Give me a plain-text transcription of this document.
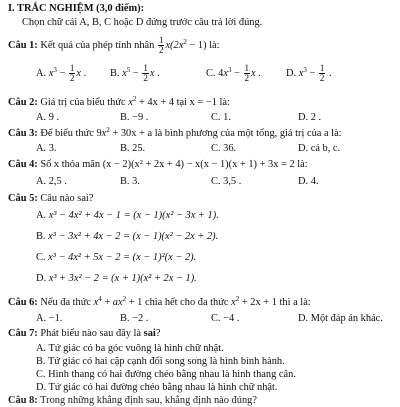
I. TRẮC NGHIỆM (3,0 điểm):
Chọn chữ cái A, B, C hoặc D đứng trước câu trả lời đúng.
Câu 1: Kết quả của phép tính nhân $\frac{1}{2} x(2x^2 - 1)$ là:
A. $x^3 - \frac{1}{2}$ x . B. $x^5 - \frac{1}{2}$ x .	C. $4x^3 - \frac{1}{2}$ x . D. $x^3 - \frac{1}{2}$ .
Câu 2: Giá trị của biểu thức $x^2 + 4x + 4$ tại x = −1 là:
A. 9 .	B. −9 .	C. 1.	D. 2 .
Câu 3: Để biểu thức $9x^2 + 30x + a$ là bình phương của một tổng, giá trị của a là:
A. 3.	B. 25.	C. 36.	D. cả b, c.
Câu 4: Số x thỏa mãn (x − 2)(x² + 2x + 4) − x(x − 1)(x + 1) + 3x = 2 là:
A. 2,5 .	B. 3.	C. 3,5 .	D. 4.
Câu 5: Câu nào sai?
A. x³ − 4x² + 4x − 1 = (x − 1)(x² − 3x + 1).
B. x³ − 3x² + 4x − 2 = (x − 1)(x² − 2x + 2).
C. x³ − 4x² + 5x − 2 = (x − 1)²(x − 2).
D. x³ + 3x² − 2 = (x + 1)(x² + 2x − 1).
Câu 6: Nếu đa thức $x^4 + ax^2 + 1$ chia hết cho đa thức $x^2 + 2x + 1$ thì a là:
A. −1.	B. −2 .	C. −4 .	D. Một đáp án khác.
Câu 7: Phát biểu nào sau đây là sai?
A. Tứ giác có ba góc vuông là hình chữ nhật.
B. Tứ giác có hai cặp cạnh đối song song là hình bình hành.
C. Hình thang có hai đường chéo bằng nhau là hình thang cân.
D. Tứ giác có hai đường chéo bằng nhau là hình chữ nhật.
Câu 8: Trong những khẳng định sau, khẳng định nào đúng?
